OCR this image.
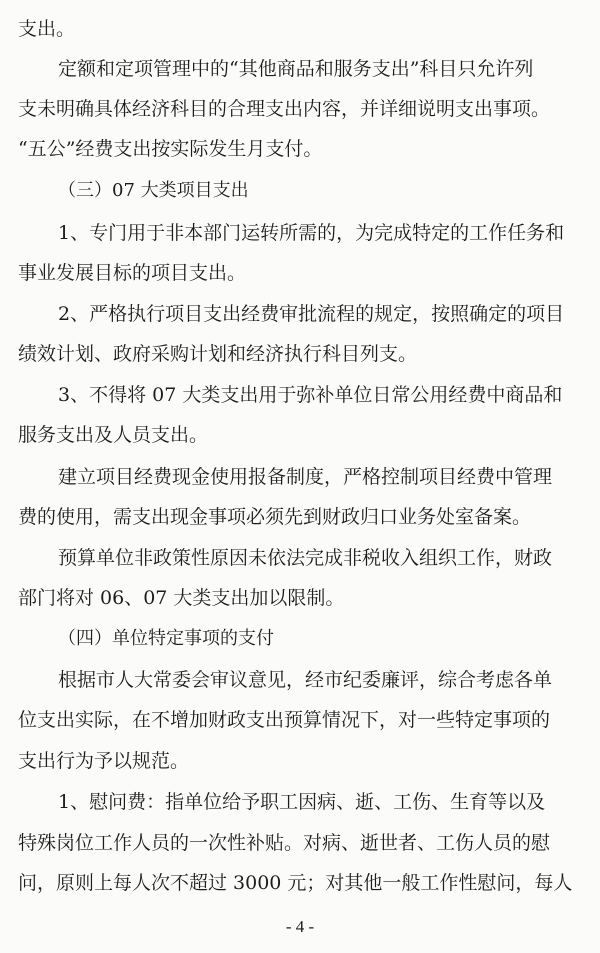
支出。
定额和定项管理中的“其他商品和服务支出”科目只允许列
支未明确具体经济科目的合理支出内容，并详细说明支出事项。
“五公”经费支出按实际发生月支付。
（三）07 大类项目支出
1、专门用于非本部门运转所需的，为完成特定的工作任务和
事业发展目标的项目支出。
2、严格执行项目支出经费审批流程的规定，按照确定的项目
绩效计划、政府采购计划和经济执行科目列支。
3、不得将 07 大类支出用于弥补单位日常公用经费中商品和
服务支出及人员支出。
建立项目经费现金使用报备制度，严格控制项目经费中管理
费的使用，需支出现金事项必须先到财政归口业务处室备案。
预算单位非政策性原因未依法完成非税收入组织工作，财政
部门将对 06、07 大类支出加以限制。
（四）单位特定事项的支付
根据市人大常委会审议意见，经市纪委廉评，综合考虑各单
位支出实际，在不增加财政支出预算情况下，对一些特定事项的
支出行为予以规范。
1、慰问费：指单位给予职工因病、逝、工伤、生育等以及
特殊岗位工作人员的一次性补贴。对病、逝世者、工伤人员的慰
问，原则上每人次不超过 3000 元；对其他一般工作性慰问，每人
- 4 -
